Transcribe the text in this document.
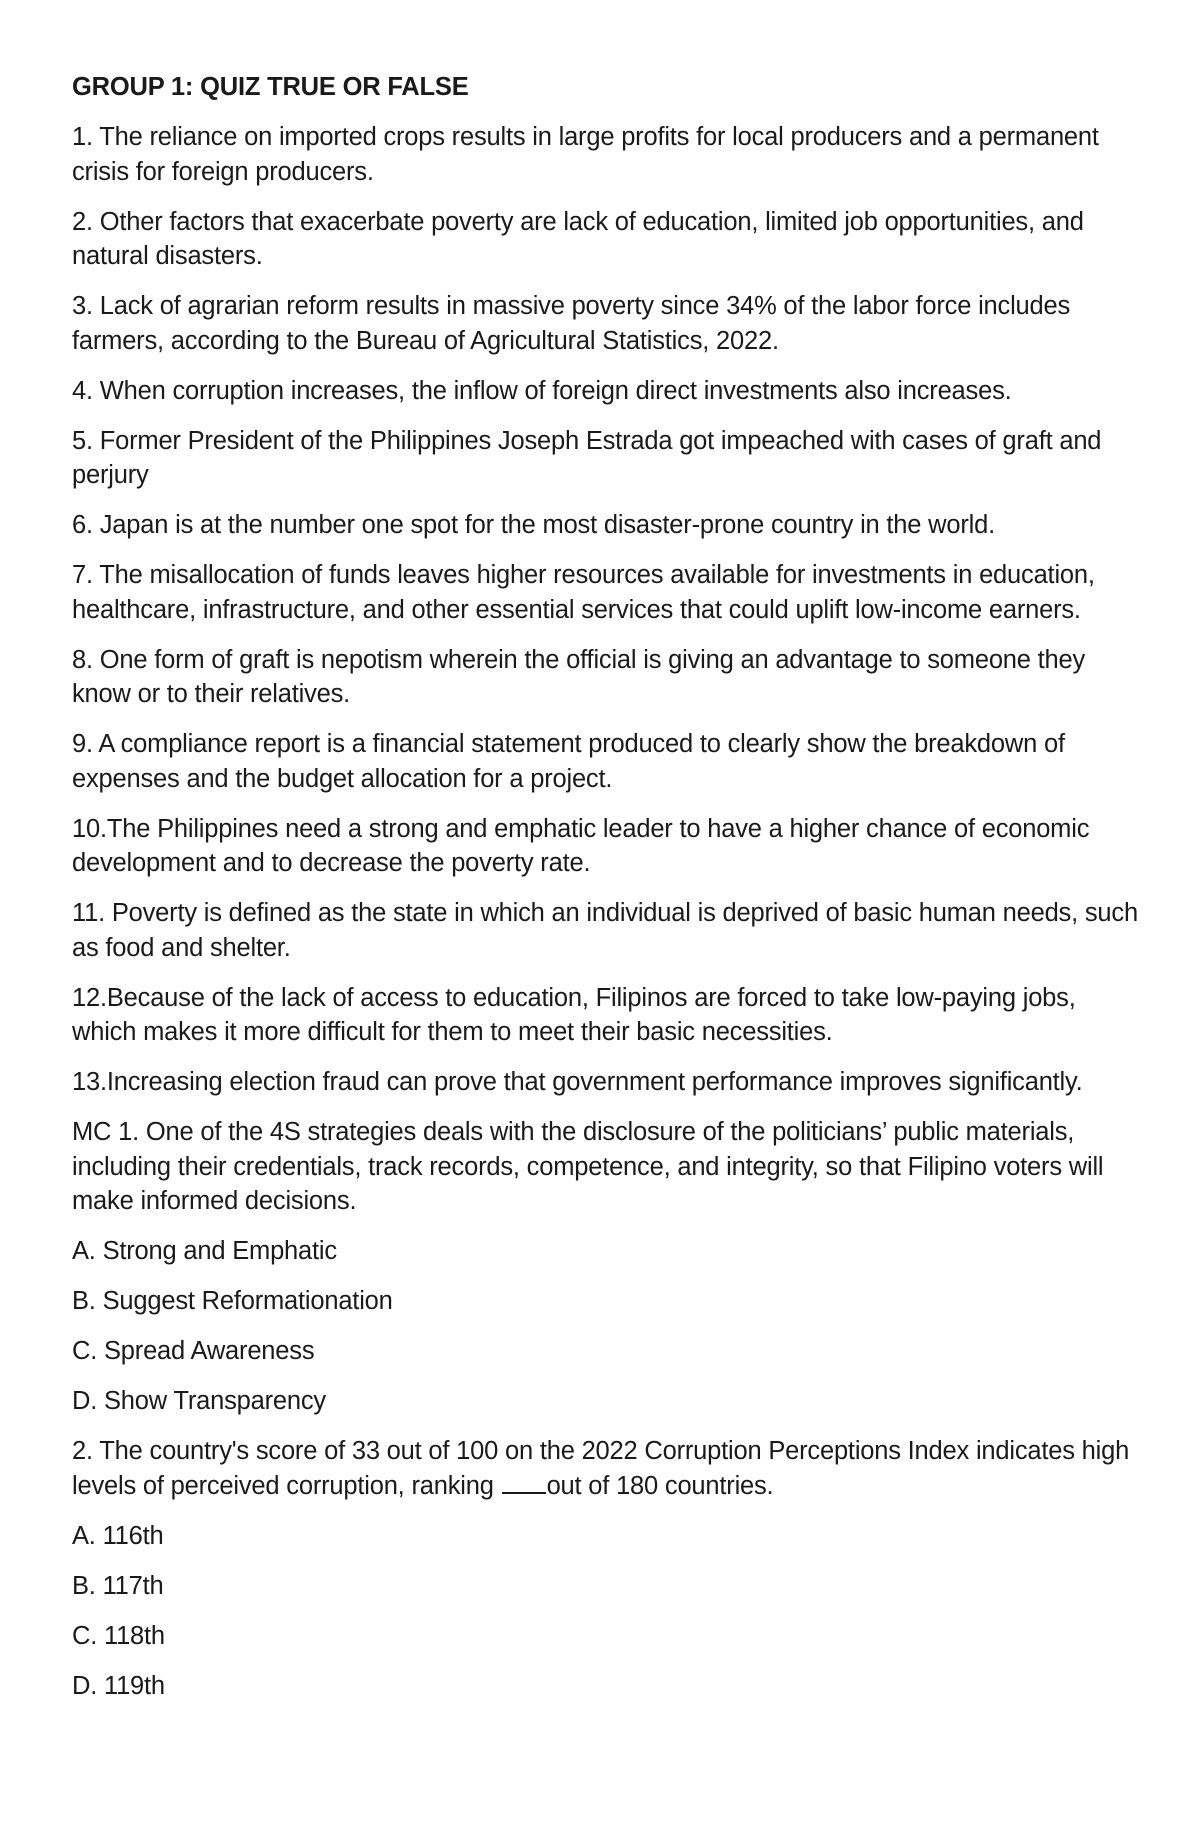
GROUP 1: QUIZ TRUE OR FALSE
1. The reliance on imported crops results in large profits for local producers and a permanent crisis for foreign producers.
2. Other factors that exacerbate poverty are lack of education, limited job opportunities, and natural disasters.
3. Lack of agrarian reform results in massive poverty since 34% of the labor force includes farmers, according to the Bureau of Agricultural Statistics, 2022.
4. When corruption increases, the inflow of foreign direct investments also increases.
5. Former President of the Philippines Joseph Estrada got impeached with cases of graft and perjury
6. Japan is at the number one spot for the most disaster-prone country in the world.
7. The misallocation of funds leaves higher resources available for investments in education, healthcare, infrastructure, and other essential services that could uplift low-income earners.
8. One form of graft is nepotism wherein the official is giving an advantage to someone they know or to their relatives.
9. A compliance report is a financial statement produced to clearly show the breakdown of expenses and the budget allocation for a project.
10.The Philippines need a strong and emphatic leader to have a higher chance of economic development and to decrease the poverty rate.
11. Poverty is defined as the state in which an individual is deprived of basic human needs, such as food and shelter.
12.Because of the lack of access to education, Filipinos are forced to take low-paying jobs, which makes it more difficult for them to meet their basic necessities.
13.Increasing election fraud can prove that government performance improves significantly.
MC 1. One of the 4S strategies deals with the disclosure of the politicians’ public materials, including their credentials, track records, competence, and integrity, so that Filipino voters will make informed decisions.
A. Strong and Emphatic
B. Suggest Reformationation
C. Spread Awareness
D. Show Transparency
2. The country's score of 33 out of 100 on the 2022 Corruption Perceptions Index indicates high levels of perceived corruption, ranking out of 180 countries.
A. 116th
B. 117th
C. 118th
D. 119th
